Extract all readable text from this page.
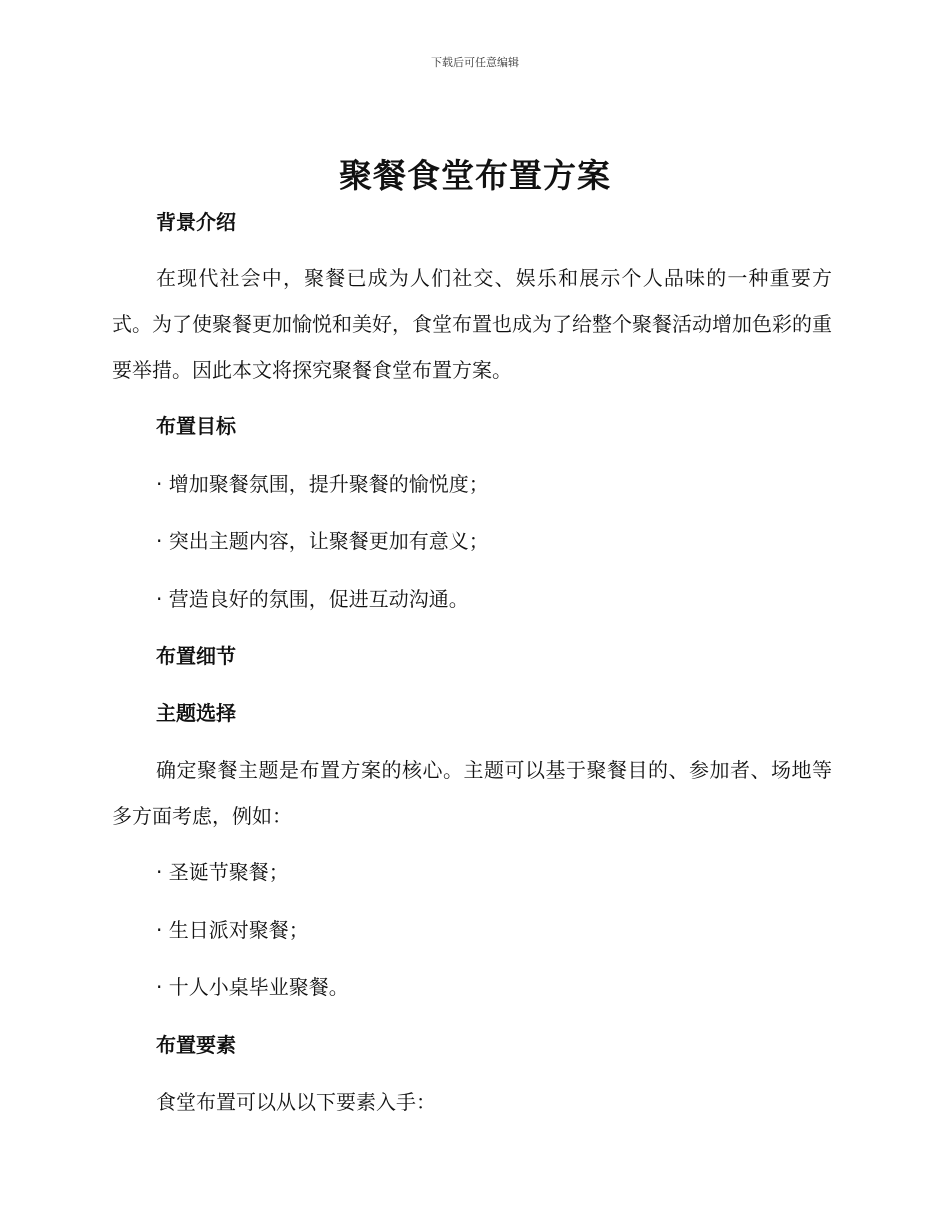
下载后可任意编辑
聚餐食堂布置方案
背景介绍

在现代社会中，聚餐已成为人们社交、娱乐和展示个人品味的一种重要方式。为了使聚餐更加愉悦和美好，食堂布置也成为了给整个聚餐活动增加色彩的重要举措。因此本文将探究聚餐食堂布置方案。

布置目标
· 增加聚餐氛围，提升聚餐的愉悦度；
· 突出主题内容，让聚餐更加有意义；
· 营造良好的氛围，促进互动沟通。
布置细节
主题选择

确定聚餐主题是布置方案的核心。主题可以基于聚餐目的、参加者、场地等多方面考虑，例如：

· 圣诞节聚餐；
· 生日派对聚餐；
· 十人小桌毕业聚餐。
布置要素
食堂布置可以从以下要素入手：
